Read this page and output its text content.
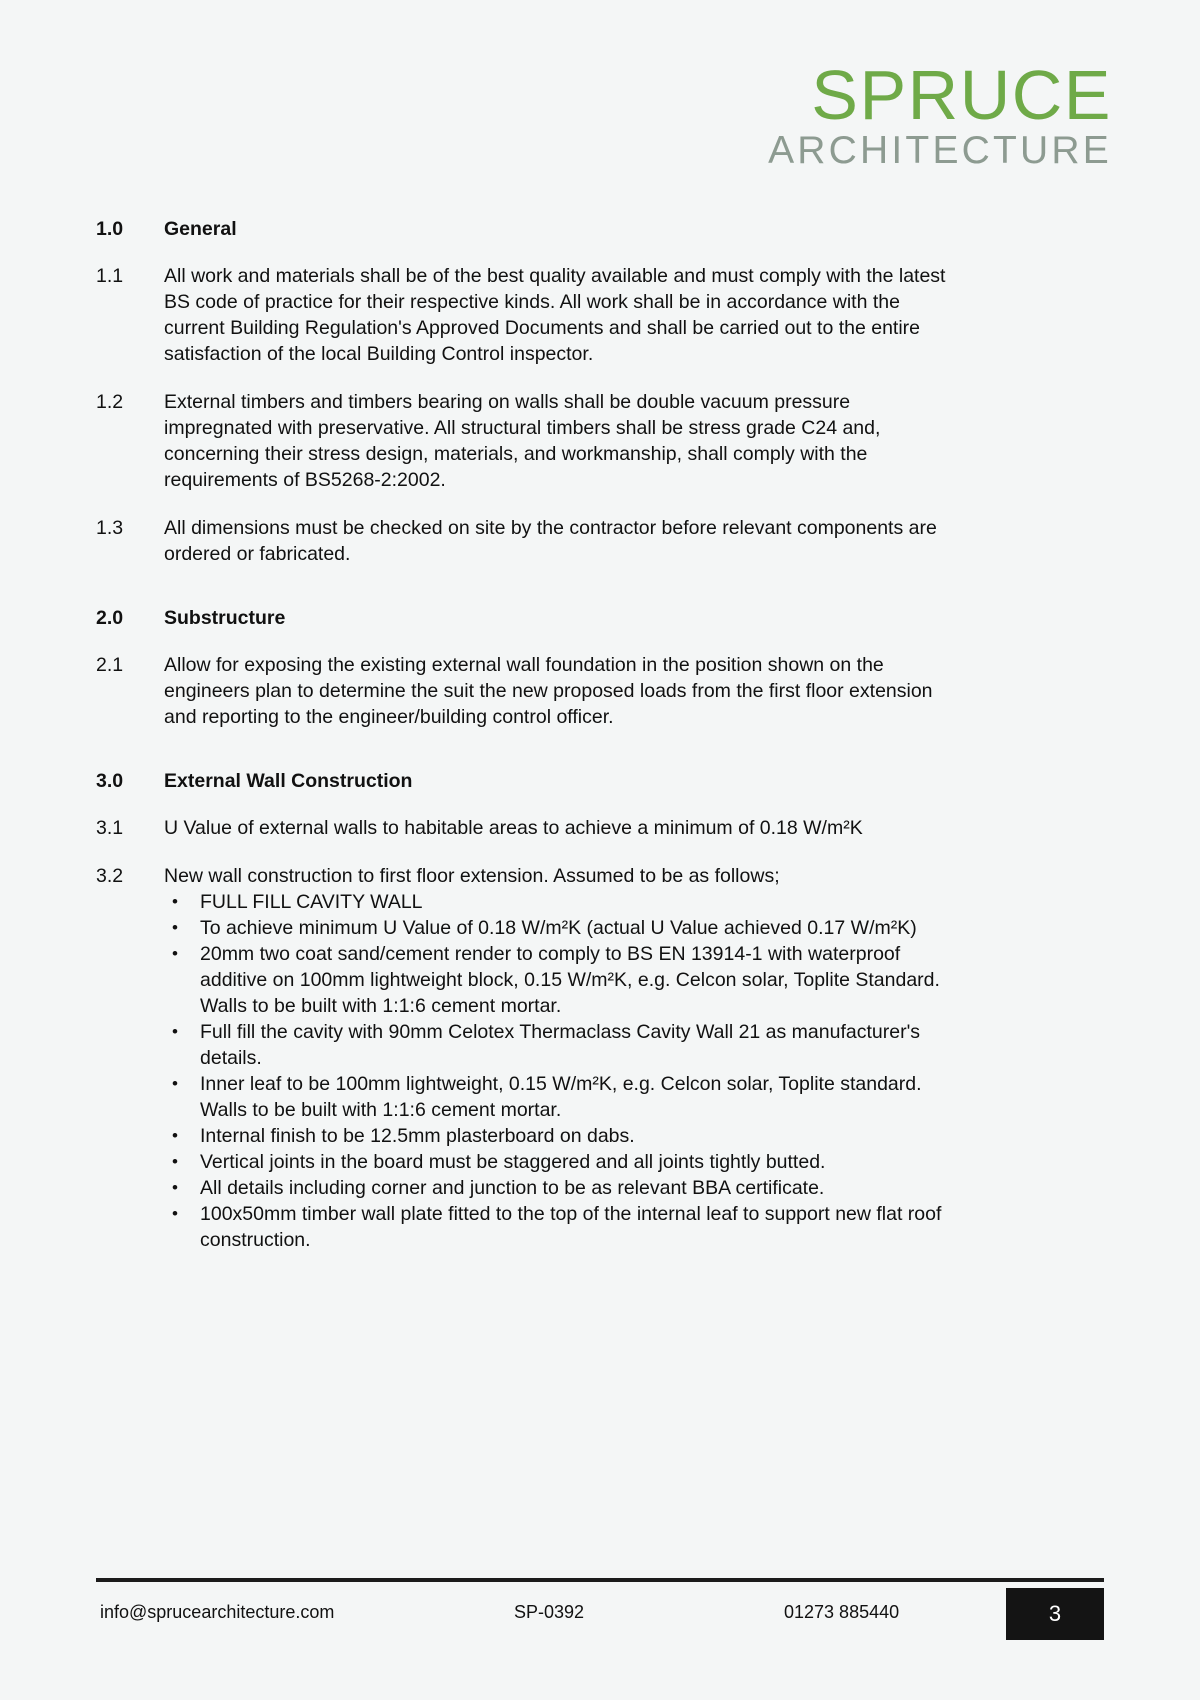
SPRUCE
ARCHITECTURE
1.0	General
1.1	All work and materials shall be of the best quality available and must comply with the latest BS code of practice for their respective kinds. All work shall be in accordance with the current Building Regulation's Approved Documents and shall be carried out to the entire satisfaction of the local Building Control inspector.
1.2	External timbers and timbers bearing on walls shall be double vacuum pressure impregnated with preservative. All structural timbers shall be stress grade C24 and, concerning their stress design, materials, and workmanship, shall comply with the requirements of BS5268-2:2002.
1.3	All dimensions must be checked on site by the contractor before relevant components are ordered or fabricated.
2.0	Substructure
2.1	Allow for exposing the existing external wall foundation in the position shown on the engineers plan to determine the suit the new proposed loads from the first floor extension and reporting to the engineer/building control officer.
3.0	External Wall Construction
3.1	U Value of external walls to habitable areas to achieve a minimum of 0.18 W/m²K
3.2	New wall construction to first floor extension. Assumed to be as follows;
• FULL FILL CAVITY WALL
• To achieve minimum U Value of 0.18 W/m²K (actual U Value achieved 0.17 W/m²K)
• 20mm two coat sand/cement render to comply to BS EN 13914-1 with waterproof additive on 100mm lightweight block, 0.15 W/m²K, e.g. Celcon solar, Toplite Standard. Walls to be built with 1:1:6 cement mortar.
• Full fill the cavity with 90mm Celotex Thermaclass Cavity Wall 21 as manufacturer's details.
• Inner leaf to be 100mm lightweight, 0.15 W/m²K, e.g. Celcon solar, Toplite standard. Walls to be built with 1:1:6 cement mortar.
• Internal finish to be 12.5mm plasterboard on dabs.
• Vertical joints in the board must be staggered and all joints tightly butted.
• All details including corner and junction to be as relevant BBA certificate.
• 100x50mm timber wall plate fitted to the top of the internal leaf to support new flat roof construction.
info@sprucearchitecture.com	SP-0392	01273 885440	3
